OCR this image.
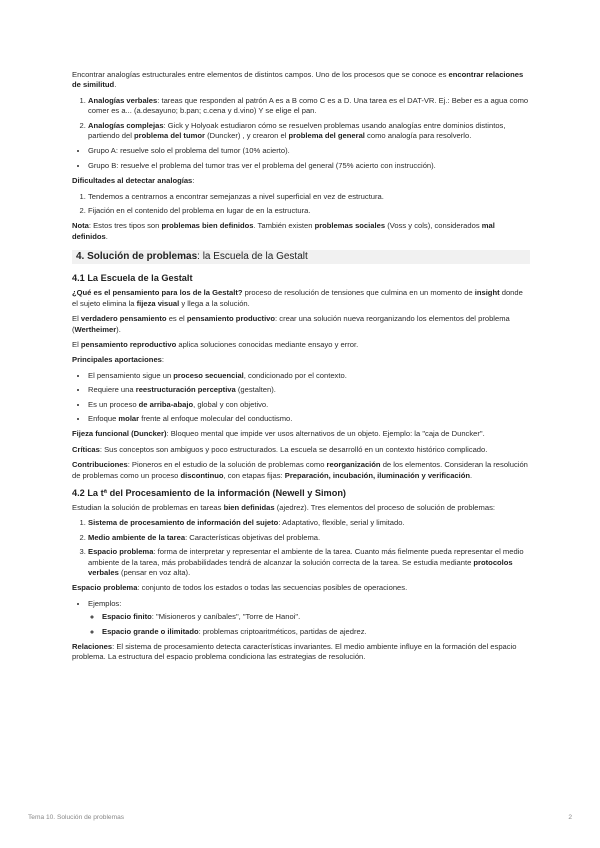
Encontrar analogías estructurales entre elementos de distintos campos. Uno de los procesos que se conoce es encontrar relaciones de similitud.

1. Analogías verbales: tareas que responden al patrón A es a B como C es a D. Una tarea es el DAT-VR. Ej.: Beber es a agua como comer es a... (a.desayuno; b.pan; c.cena y d.vino) Y se elige el pan.
2. Analogías complejas: Gick y Holyoak estudiaron cómo se resuelven problemas usando analogías entre dominios distintos, partiendo del problema del tumor (Duncker) , y crearon el problema del general como analogía para resolverlo.
• Grupo A: resuelve solo el problema del tumor (10% acierto).
• Grupo B: resuelve el problema del tumor tras ver el problema del general (75% acierto con instrucción).

Dificultades al detectar analogías:

1. Tendemos a centrarnos a encontrar semejanzas a nivel superficial en vez de estructura.
2. Fijación en el contenido del problema en lugar de en la estructura.

Nota: Estos tres tipos son problemas bien definidos. También existen problemas sociales (Voss y cols), considerados mal definidos.

4. Solución de problemas: la Escuela de la Gestalt
4.1 La Escuela de la Gestalt

¿Qué es el pensamiento para los de la Gestalt? proceso de resolución de tensiones que culmina en un momento de insight donde el sujeto elimina la fijeza visual y llega a la solución.

El verdadero pensamiento es el pensamiento productivo: crear una solución nueva reorganizando los elementos del problema (Wertheimer).

El pensamiento reproductivo aplica soluciones conocidas mediante ensayo y error.

Principales aportaciones:

• El pensamiento sigue un proceso secuencial, condicionado por el contexto.
• Requiere una reestructuración perceptiva (gestalten).
• Es un proceso de arriba-abajo, global y con objetivo.
• Enfoque molar frente al enfoque molecular del conductismo.

Fijeza funcional (Duncker): Bloqueo mental que impide ver usos alternativos de un objeto. Ejemplo: la "caja de Duncker".

Críticas: Sus conceptos son ambiguos y poco estructurados. La escuela se desarrolló en un contexto histórico complicado.

Contribuciones: Pioneros en el estudio de la solución de problemas como reorganización de los elementos. Consideran la resolución de problemas como un proceso discontinuo, con etapas fijas: Preparación, incubación, iluminación y verificación.

4.2 La tª del Procesamiento de la información (Newell y Simon)

Estudian la solución de problemas en tareas bien definidas (ajedrez). Tres elementos del proceso de solución de problemas:

1. Sistema de procesamiento de información del sujeto: Adaptativo, flexible, serial y limitado.
2. Medio ambiente de la tarea: Características objetivas del problema.
3. Espacio problema: forma de interpretar y representar el ambiente de la tarea. Cuanto más fielmente pueda representar el medio ambiente de la tarea, más probabilidades tendrá de alcanzar la solución correcta de la tarea. Se estudia mediante protocolos verbales (pensar en voz alta).

Espacio problema: conjunto de todos los estados o todas las secuencias posibles de operaciones.

• Ejemplos:
◦ Espacio finito: "Misioneros y caníbales", "Torre de Hanoi".
◦ Espacio grande o ilimitado: problemas criptoaritméticos, partidas de ajedrez.

Relaciones: El sistema de procesamiento detecta características invariantes. El medio ambiente influye en la formación del espacio problema. La estructura del espacio problema condiciona las estrategias de resolución.

Tema 10. Solución de problemas	2
